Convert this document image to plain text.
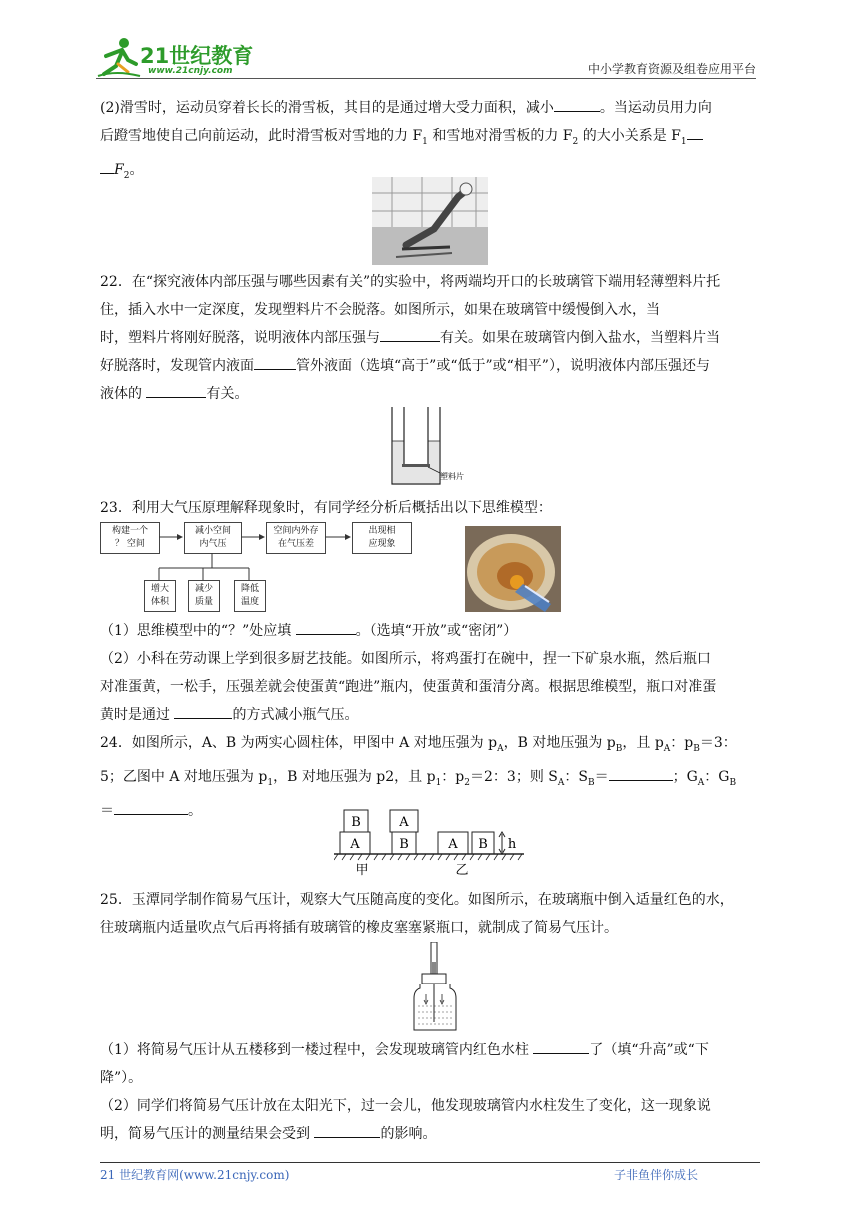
21世纪教育
www.21cnjy.com	中小学教育资源及组卷应用平台
(2)滑雪时，运动员穿着长长的滑雪板，其目的是通过增大受力面积，减小	。当运动员用力向
后蹬雪地使自己向前运动，此时滑雪板对雪地的力 $F_1$ 和雪地对滑雪板的力 $F_2$ 的大小关系是 $F_1$
$F_2$。
22．在“探究液体内部压强与哪些因素有关”的实验中，将两端均开口的长玻璃管下端用轻薄塑料片托
住，插入水中一定深度，发现塑料片不会脱落。如图所示，如果在玻璃管中缓慢倒入水，当
时，塑料片将刚好脱落，说明液体内部压强与	有关。如果在玻璃管内倒入盐水，当塑料片当
好脱落时，发现管内液面	管外液面（选填“高于”或“低于”或“相平”），说明液体内部压强还与
液体的	有关。
塑料片
23．利用大气压原理解释现象时，有同学经分析后概括出以下思维模型：
构建一个
？ 空间
减小空间
内气压
空间内外存
在气压差
出现相
应现象
增大
体积
减少
质量
降低
温度
（1）思维模型中的“？”处应填	。（选填“开放”或“密闭”）
（2）小科在劳动课上学到很多厨艺技能。如图所示，将鸡蛋打在碗中，捏一下矿泉水瓶，然后瓶口
对准蛋黄，一松手，压强差就会使蛋黄“跑进”瓶内，使蛋黄和蛋清分离。根据思维模型，瓶口对准蛋
黄时是通过	的方式减小瓶气压。
24．如图所示，A、B 为两实心圆柱体，甲图中 A 对地压强为 $p_A$，B 对地压强为 $p_B$，且 $p_A$：$p_B=3$：
5；乙图中 A 对地压强为 $p_1$，B 对地压强为 p2，且 $p_1$：$p_2=2$：3；则 $S_A$：$S_B=$	；$G_A$：$G_B$
＝	。
B
A
A
B	A B h
甲	乙
25．玉潭同学制作简易气压计，观察大气压随高度的变化。如图所示，在玻璃瓶中倒入适量红色的水，
往玻璃瓶内适量吹点气后再将插有玻璃管的橡皮塞塞紧瓶口，就制成了简易气压计。
（1）将简易气压计从五楼移到一楼过程中，会发现玻璃管内红色水柱	了（填“升高”或“下
降”）。
（2）同学们将简易气压计放在太阳光下，过一会儿，他发现玻璃管内水柱发生了变化，这一现象说
明，简易气压计的测量结果会受到	的影响。
21 世纪教育网(www.21cnjy.com)	子非鱼伴你成长
